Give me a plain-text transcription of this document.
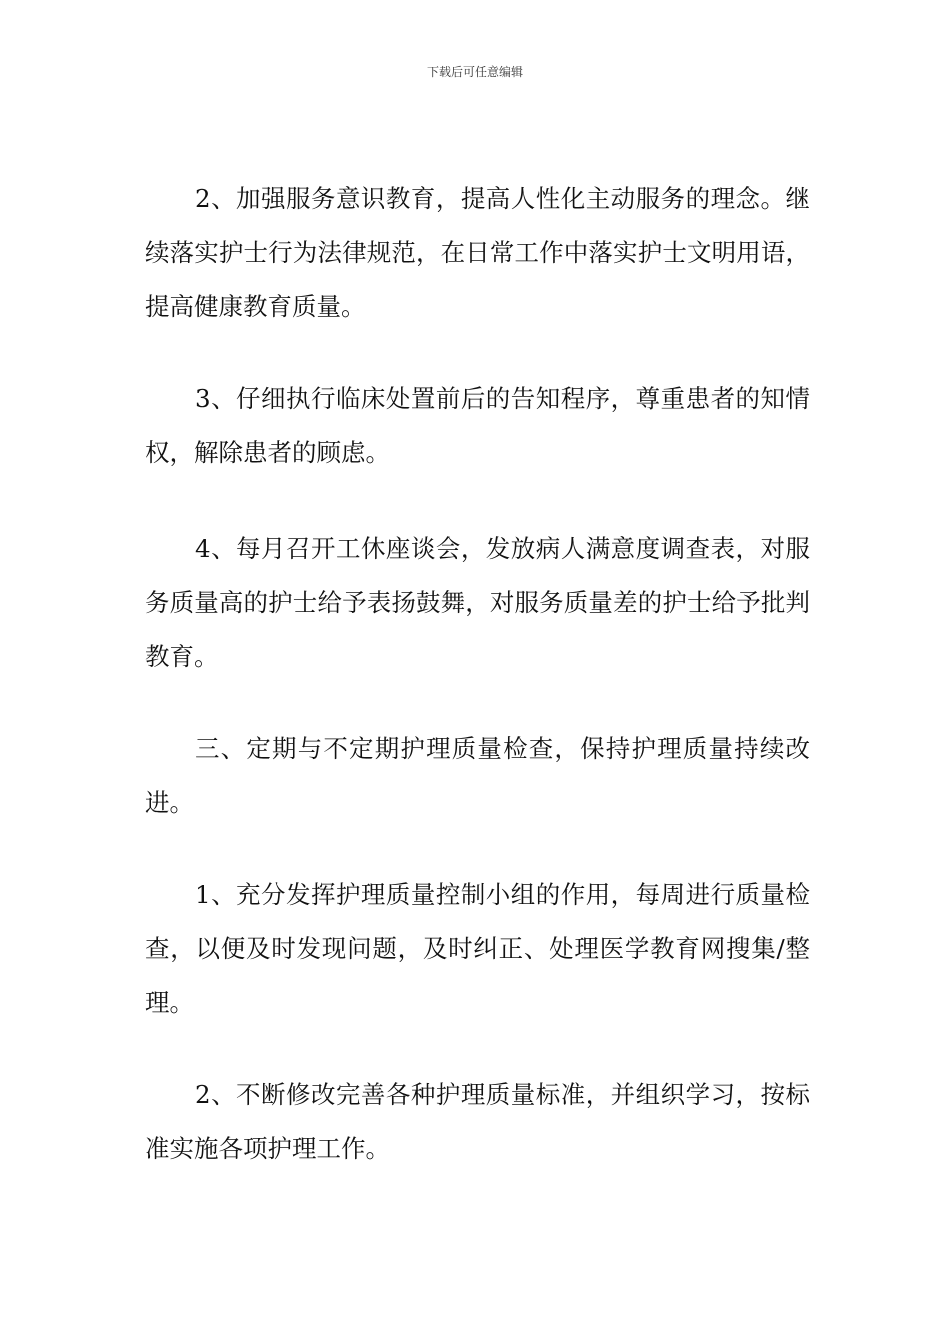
下载后可任意编辑

2、加强服务意识教育，提高人性化主动服务的理念。继续落实护士行为法律规范，在日常工作中落实护士文明用语，提高健康教育质量。

3、仔细执行临床处置前后的告知程序，尊重患者的知情权，解除患者的顾虑。

4、每月召开工休座谈会，发放病人满意度调查表，对服务质量高的护士给予表扬鼓舞，对服务质量差的护士给予批判教育。

三、定期与不定期护理质量检查，保持护理质量持续改进。

1、充分发挥护理质量控制小组的作用，每周进行质量检查，以便及时发现问题，及时纠正、处理医学教育网搜集/整理。

2、不断修改完善各种护理质量标准，并组织学习，按标准实施各项护理工作。
